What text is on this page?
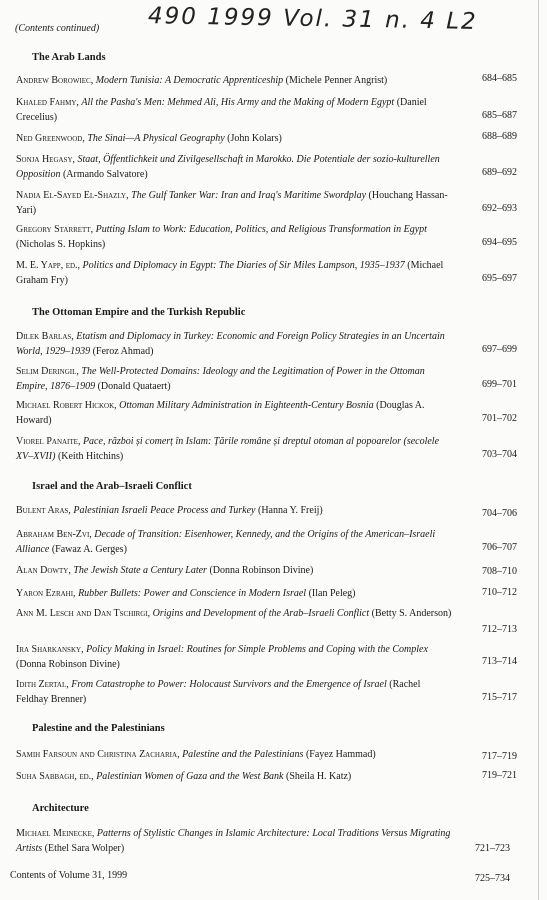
(Contents continued) 490 1999 Vol. 31 n. 4 L2
The Arab Lands
The Ottoman Empire and the Turkish Republic
Israel and the Arab–Israeli Conflict
Palestine and the Palestinians
Architecture
Andrew Borowiec, Modern Tunisia: A Democratic Apprenticeship (Michele Penner Angrist)	684–685
Khaled Fahmy, All the Pasha's Men: Mehmed Ali, His Army and the Making of Modern Egypt (Daniel Crecelius)	685–687
Ned Greenwood, The Sinai—A Physical Geography (John Kolars)	688–689
Sonja Hegasy, Staat, Öffentlichkeit und Zivilgesellschaft in Marokko. Die Potentiale der sozio-kulturellen Opposition (Armando Salvatore)	689–692
Nadia El-Sayed El-Shazly, The Gulf Tanker War: Iran and Iraq's Maritime Swordplay (Houchang Hassan-Yari)	692–693
Gregory Starrett, Putting Islam to Work: Education, Politics, and Religious Transformation in Egypt (Nicholas S. Hopkins)	694–695
M. E. Yapp, ed., Politics and Diplomacy in Egypt: The Diaries of Sir Miles Lampson, 1935–1937 (Michael Graham Fry)	695–697
Dilek Barlas, Etatism and Diplomacy in Turkey: Economic and Foreign Policy Strategies in an Uncertain World, 1929–1939 (Feroz Ahmad)	697–699
Selim Deringil, The Well-Protected Domains: Ideology and the Legitimation of Power in the Ottoman Empire, 1876–1909 (Donald Quataert)	699–701
Michael Robert Hickok, Ottoman Military Administration in Eighteenth-Century Bosnia (Douglas A. Howard)	701–702
Viorel Panaite, Pace, război și comerț în Islam: Țările române și dreptul otoman al popoarelor (secolele XV–XVII) (Keith Hitchins)	703–704
Bulent Aras, Palestinian Israeli Peace Process and Turkey (Hanna Y. Freij)	704–706
Abraham Ben-Zvi, Decade of Transition: Eisenhower, Kennedy, and the Origins of the American–Israeli Alliance (Fawaz A. Gerges)	706–707
Alan Dowty, The Jewish State a Century Later (Donna Robinson Divine)	708–710
Yaron Ezrahi, Rubber Bullets: Power and Conscience in Modern Israel (Ilan Peleg)	710–712
Ann M. Lesch and Dan Tschirgi, Origins and Development of the Arab–Israeli Conflict (Betty S. Anderson)
712–713
Ira Sharkansky, Policy Making in Israel: Routines for Simple Problems and Coping with the Complex (Donna Robinson Divine)	713–714
Idith Zertal, From Catastrophe to Power: Holocaust Survivors and the Emergence of Israel (Rachel Feldhay Brenner)	715–717
Samih Farsoun and Christina Zacharia, Palestine and the Palestinians (Fayez Hammad)	717–719
Suha Sabbagh, ed., Palestinian Women of Gaza and the West Bank (Sheila H. Katz)	719–721
Michael Meinecke, Patterns of Stylistic Changes in Islamic Architecture: Local Traditions Versus Migrating Artists (Ethel Sara Wolper)	721–723
Contents of Volume 31, 1999	725–734
